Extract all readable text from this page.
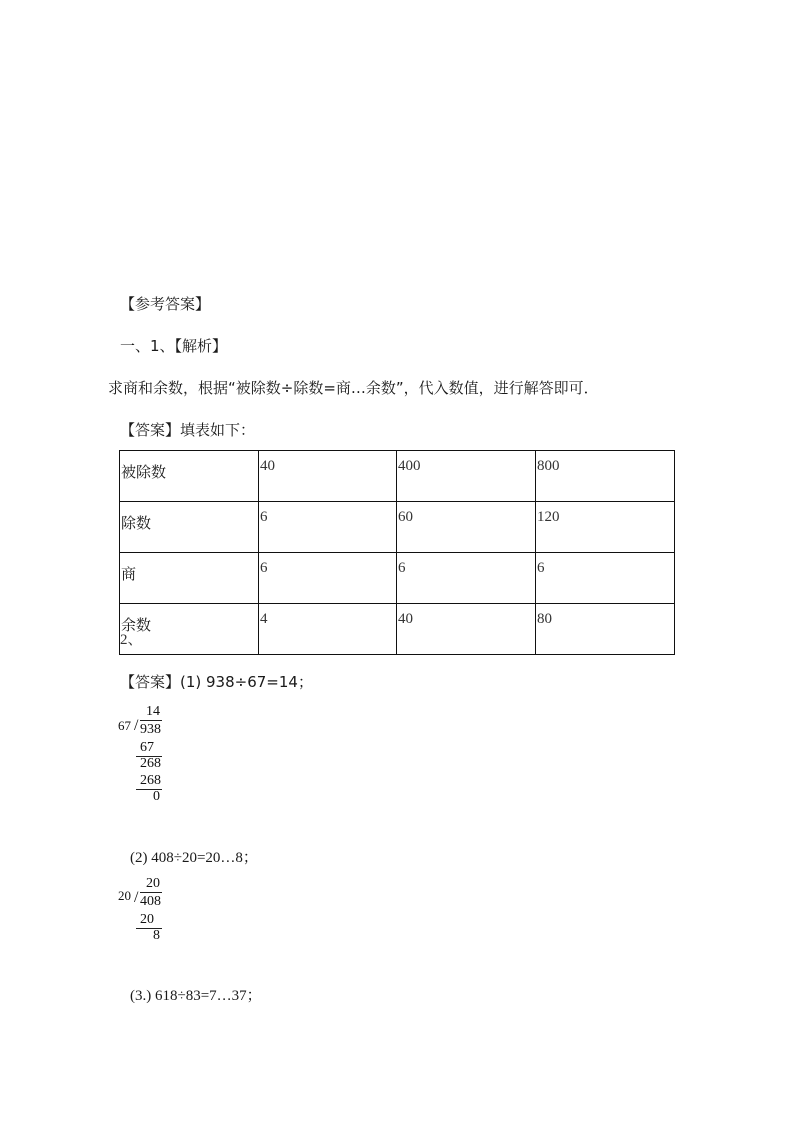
【参考答案】
一、1、【解析】
求商和余数，根据“被除数÷除数=商…余数”，代入数值，进行解答即可．
【答案】填表如下：
被除数	40	400	800
除数	6	60	120
商	6	6	6
余数	4	40	80
2、
【答案】(1) 938÷67=14；
14
67 / 938
67
268
268
0
(2) 408÷20=20…8；
20
20 / 408
20
8
(3.) 618÷83=7…37；
